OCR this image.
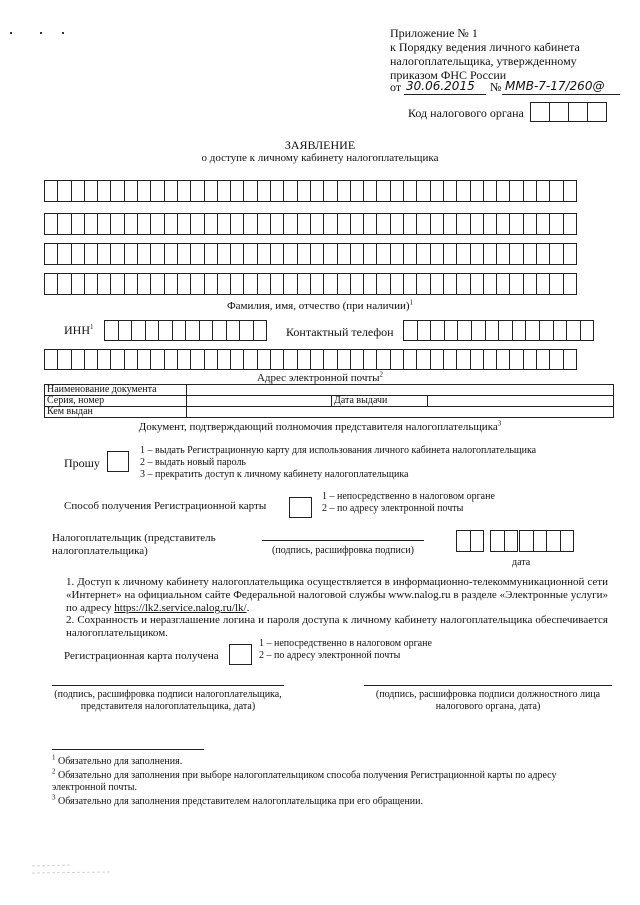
Приложение № 1
к Порядку ведения личного кабинета
налогоплательщика, утвержденному
приказом ФНС России
от 30.06.2015 № ММВ-7-17/260@
Код налогового органа
ЗАЯВЛЕНИЕ
о доступе к личному кабинету налогоплательщика
Фамилия, имя, отчество (при наличии)$^1$
ИНН$^1$	Контактный телефон
Адрес электронной почты$^2$
Наименование документа			
Серия, номер		Дата выдачи	
Кем выдан			
Документ, подтверждающий полномочия представителя налогоплательщика$^3$
Прошу
1 – выдать Регистрационную карту для использования личного кабинета налогоплательщика
2 – выдать новый пароль
3 – прекратить доступ к личному кабинету налогоплательщика
Способ получения Регистрационной карты
1 – непосредственно в налоговом органе
2 – по адресу электронной почты
Налогоплательщик (представитель
налогоплательщика)	(подпись, расшифровка подписи)
дата
1. Доступ к личному кабинету налогоплательщика осуществляется в информационно-телекоммуникационной сети «Интернет» на официальном сайте Федеральной налоговой службы www.nalog.ru в разделе «Электронные услуги» по адресу https://lk2.service.nalog.ru/lk/.
2. Сохранность и неразглашение логина и пароля доступа к личному кабинету налогоплательщика обеспечивается налогоплательщиком.
Регистрационная карта получена
1 – непосредственно в налоговом органе
2 – по адресу электронной почты
(подпись, расшифровка подписи налогоплательщика,
представителя налогоплательщика, дата)
(подпись, расшифровка подписи должностного лица
налогового органа, дата)
$^1$ Обязательно для заполнения.
$^2$ Обязательно для заполнения при выборе налогоплательщиком способа получения Регистрационной карты по адресу электронной почты.
$^3$ Обязательно для заполнения представителем налогоплательщика при его обращении.
